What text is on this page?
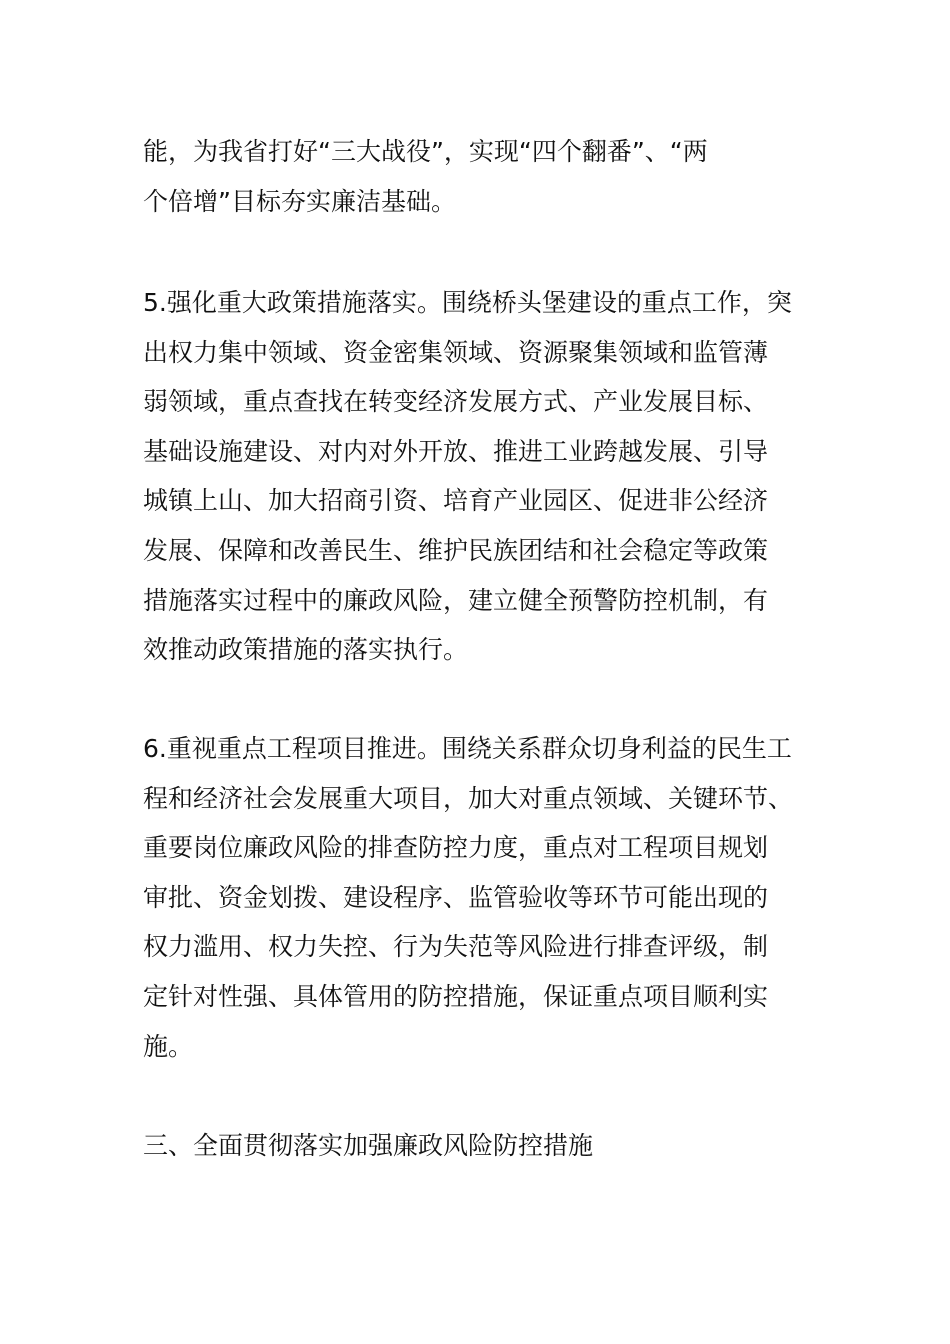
能，为我省打好“三大战役”，实现“四个翻番”、“两
个倍增”目标夯实廉洁基础。
5.强化重大政策措施落实。围绕桥头堡建设的重点工作，突
出权力集中领域、资金密集领域、资源聚集领域和监管薄
弱领域，重点查找在转变经济发展方式、产业发展目标、
基础设施建设、对内对外开放、推进工业跨越发展、引导
城镇上山、加大招商引资、培育产业园区、促进非公经济
发展、保障和改善民生、维护民族团结和社会稳定等政策
措施落实过程中的廉政风险，建立健全预警防控机制，有
效推动政策措施的落实执行。
6.重视重点工程项目推进。围绕关系群众切身利益的民生工
程和经济社会发展重大项目，加大对重点领域、关键环节、
重要岗位廉政风险的排查防控力度，重点对工程项目规划
审批、资金划拨、建设程序、监管验收等环节可能出现的
权力滥用、权力失控、行为失范等风险进行排查评级，制
定针对性强、具体管用的防控措施，保证重点项目顺利实
施。
三、全面贯彻落实加强廉政风险防控措施
